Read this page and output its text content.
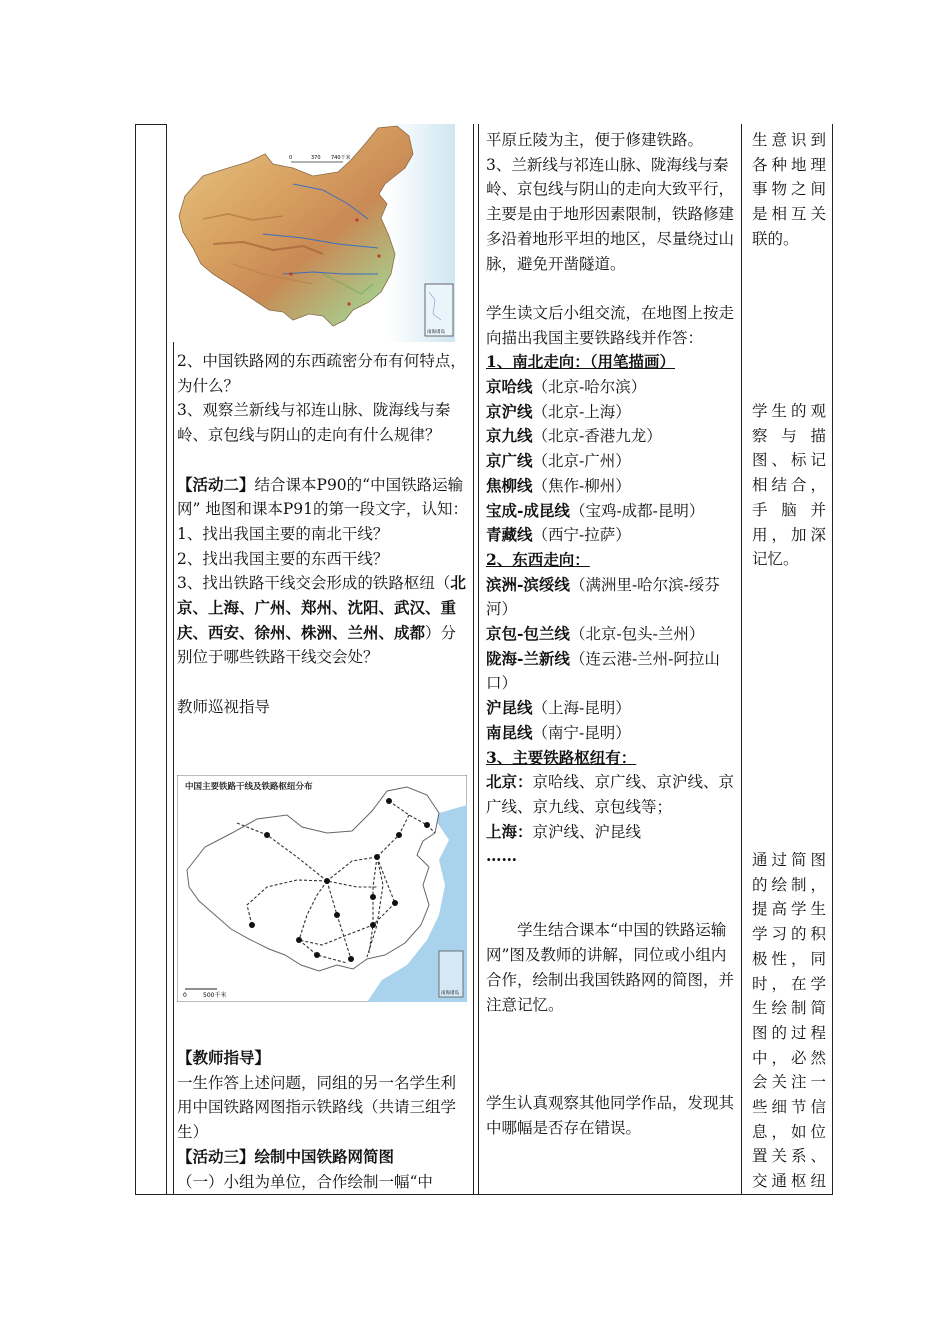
0	370 740千米
南海诸岛

2、中国铁路网的东西疏密分布有何特点，为什么？

3、观察兰新线与祁连山脉、陇海线与秦岭、京包线与阴山的走向有什么规律？

【活动二】结合课本P90的“中国铁路运输网” 地图和课本P91的第一段文字，认知：

1、找出我国主要的南北干线？

2、找出我国主要的东西干线？

3、找出铁路干线交会形成的铁路枢纽（北京、上海、广州、郑州、沈阳、武汉、重庆、西安、徐州、株洲、兰州、成都）分别位于哪些铁路干线交会处？

教师巡视指导

中国主要铁路干线及铁路枢纽分布
南海诸岛
0	500千米

【教师指导】

一生作答上述问题，同组的另一名学生利用中国铁路网图指示铁路线（共请三组学生）

【活动三】绘制中国铁路网简图

（一）小组为单位，合作绘制一幅“中

平原丘陵为主，便于修建铁路。

3、兰新线与祁连山脉、陇海线与秦岭、京包线与阴山的走向大致平行，主要是由于地形因素限制，铁路修建多沿着地形平坦的地区，尽量绕过山脉，避免开凿隧道。

学生读文后小组交流，在地图上按走向描出我国主要铁路线并作答：

1、南北走向：（用笔描画）

京哈线（北京-哈尔滨）

京沪线（北京-上海）

京九线（北京-香港九龙）

京广线（北京-广州）

焦柳线（焦作-柳州）

宝成-成昆线（宝鸡-成都-昆明）

青藏线（西宁-拉萨）

2、东西走向：

滨洲-滨绥线（满洲里-哈尔滨-绥芬河）

京包-包兰线（北京-包头-兰州）

陇海-兰新线（连云港-兰州-阿拉山口）

沪昆线（上海-昆明）

南昆线（南宁-昆明）

3、主要铁路枢纽有：

北京：京哈线、京广线、京沪线、京广线、京九线、京包线等；

上海：京沪线、沪昆线

……

学生结合课本“中国的铁路运输网”图及教师的讲解，同位或小组内合作，绘制出我国铁路网的简图，并注意记忆。

学生认真观察其他同学作品，发现其中哪幅是否存在错误。

生意识到

各种地理

事物之间

是相互关

联的。

学生的观

察 与 描

图、标记

相结合，

手 脑 并

用，加深

记忆。

通过简图

的绘制，

提高学生

学习的积

极性，同

时，在学

生绘制简

图的过程

中，必然

会关注一

些细节信

息，如位

置关系、

交通枢纽
